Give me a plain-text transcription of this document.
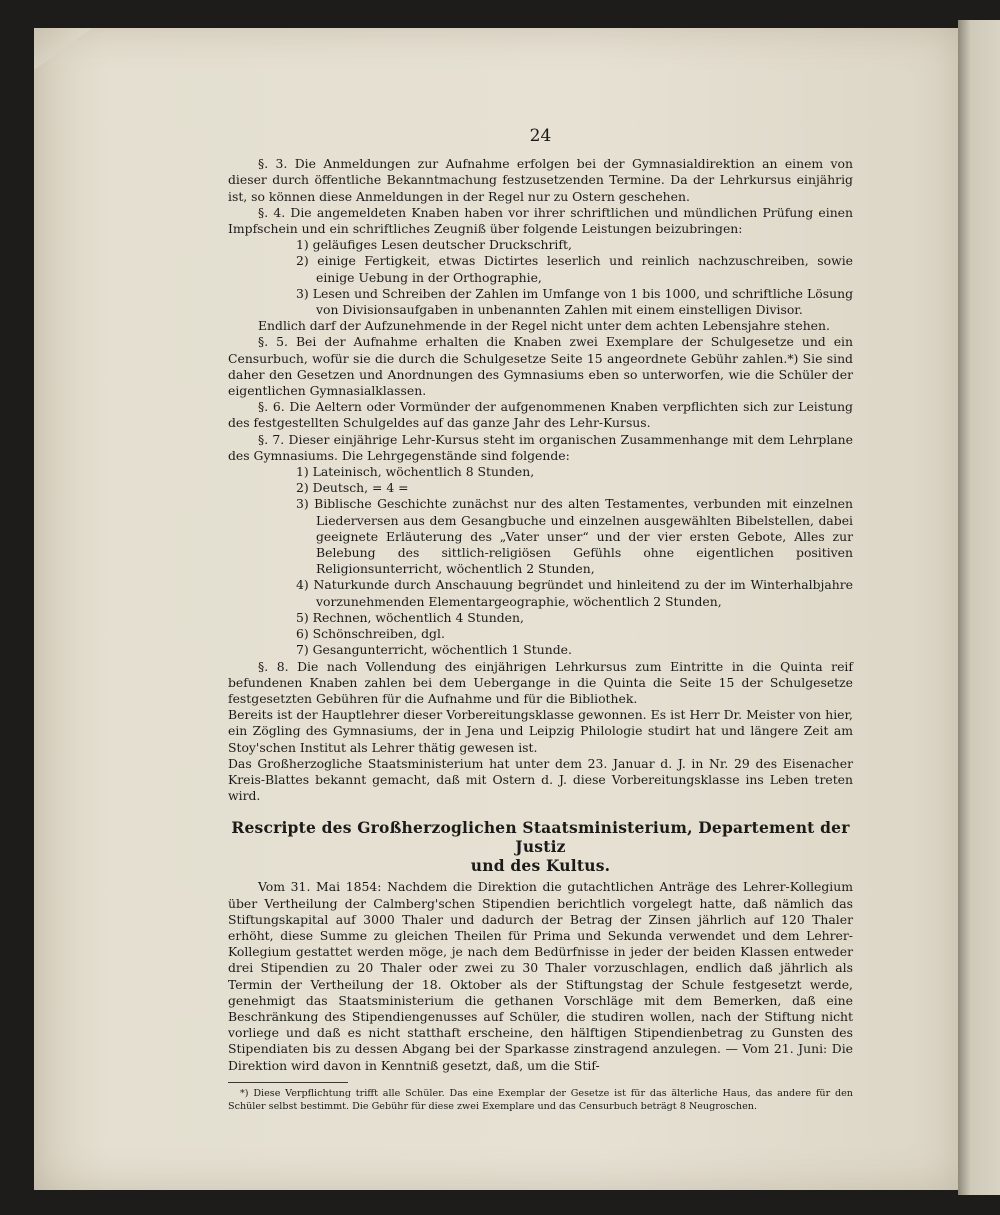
24

§. 3. Die Anmeldungen zur Aufnahme erfolgen bei der Gymnasialdirektion an einem von dieser durch öffentliche Bekanntmachung festzusetzenden Termine. Da der Lehrkursus einjährig ist, so können diese Anmeldungen in der Regel nur zu Ostern geschehen.

§. 4. Die angemeldeten Knaben haben vor ihrer schriftlichen und mündlichen Prüfung einen Impfschein und ein schriftliches Zeugniß über folgende Leistungen beizubringen:

1) geläufiges Lesen deutscher Druckschrift,

2) einige Fertigkeit, etwas Dictirtes leserlich und reinlich nachzuschreiben, sowie einige Uebung in der Orthographie,

3) Lesen und Schreiben der Zahlen im Umfange von 1 bis 1000, und schriftliche Lösung von Divisionsaufgaben in unbenannten Zahlen mit einem einstelligen Divisor.

Endlich darf der Aufzunehmende in der Regel nicht unter dem achten Lebensjahre stehen.

§. 5. Bei der Aufnahme erhalten die Knaben zwei Exemplare der Schulgesetze und ein Censurbuch, wofür sie die durch die Schulgesetze Seite 15 angeordnete Gebühr zahlen.*) Sie sind daher den Gesetzen und Anordnungen des Gymnasiums eben so unterworfen, wie die Schüler der eigentlichen Gymnasialklassen.

§. 6. Die Aeltern oder Vormünder der aufgenommenen Knaben verpflichten sich zur Leistung des festgestellten Schulgeldes auf das ganze Jahr des Lehr-Kursus.

§. 7. Dieser einjährige Lehr-Kursus steht im organischen Zusammenhange mit dem Lehrplane des Gymnasiums. Die Lehrgegenstände sind folgende:

1) Lateinisch, wöchentlich 8 Stunden,

2) Deutsch, = 4 =

3) Biblische Geschichte zunächst nur des alten Testamentes, verbunden mit einzelnen Liederversen aus dem Gesangbuche und einzelnen ausgewählten Bibelstellen, dabei geeignete Erläuterung des „Vater unser“ und der vier ersten Gebote, Alles zur Belebung des sittlich-religiösen Gefühls ohne eigentlichen positiven Religionsunterricht, wöchentlich 2 Stunden,

4) Naturkunde durch Anschauung begründet und hinleitend zu der im Winterhalbjahre vorzunehmenden Elementargeographie, wöchentlich 2 Stunden,

5) Rechnen, wöchentlich 4 Stunden,

6) Schönschreiben, dgl.

7) Gesangunterricht, wöchentlich 1 Stunde.

§. 8. Die nach Vollendung des einjährigen Lehrkursus zum Eintritte in die Quinta reif befundenen Knaben zahlen bei dem Uebergange in die Quinta die Seite 15 der Schulgesetze festgesetzten Gebühren für die Aufnahme und für die Bibliothek.

Bereits ist der Hauptlehrer dieser Vorbereitungsklasse gewonnen. Es ist Herr Dr. Meister von hier, ein Zögling des Gymnasiums, der in Jena und Leipzig Philologie studirt hat und längere Zeit am Stoy'schen Institut als Lehrer thätig gewesen ist.

Das Großherzogliche Staatsministerium hat unter dem 23. Januar d. J. in Nr. 29 des Eisenacher Kreis-Blattes bekannt gemacht, daß mit Ostern d. J. diese Vorbereitungsklasse ins Leben treten wird.

Rescripte des Großherzoglichen Staatsministerium, Departement der Justiz
und des Kultus.

Vom 31. Mai 1854: Nachdem die Direktion die gutachtlichen Anträge des Lehrer-Kollegium über Vertheilung der Calmberg'schen Stipendien berichtlich vorgelegt hatte, daß nämlich das Stiftungskapital auf 3000 Thaler und dadurch der Betrag der Zinsen jährlich auf 120 Thaler erhöht, diese Summe zu gleichen Theilen für Prima und Sekunda verwendet und dem Lehrer-Kollegium gestattet werden möge, je nach dem Bedürfnisse in jeder der beiden Klassen entweder drei Stipendien zu 20 Thaler oder zwei zu 30 Thaler vorzuschlagen, endlich daß jährlich als Termin der Vertheilung der 18. Oktober als der Stiftungstag der Schule festgesetzt werde, genehmigt das Staatsministerium die gethanen Vorschläge mit dem Bemerken, daß eine Beschränkung des Stipendiengenusses auf Schüler, die studiren wollen, nach der Stiftung nicht vorliege und daß es nicht statthaft erscheine, den hälftigen Stipendienbetrag zu Gunsten des Stipendiaten bis zu dessen Abgang bei der Sparkasse zinstragend anzulegen. — Vom 21. Juni: Die Direktion wird davon in Kenntniß gesetzt, daß, um die Stif-

*) Diese Verpflichtung trifft alle Schüler. Das eine Exemplar der Gesetze ist für das älterliche Haus, das andere für den Schüler selbst bestimmt. Die Gebühr für diese zwei Exemplare und das Censurbuch beträgt 8 Neugroschen.
